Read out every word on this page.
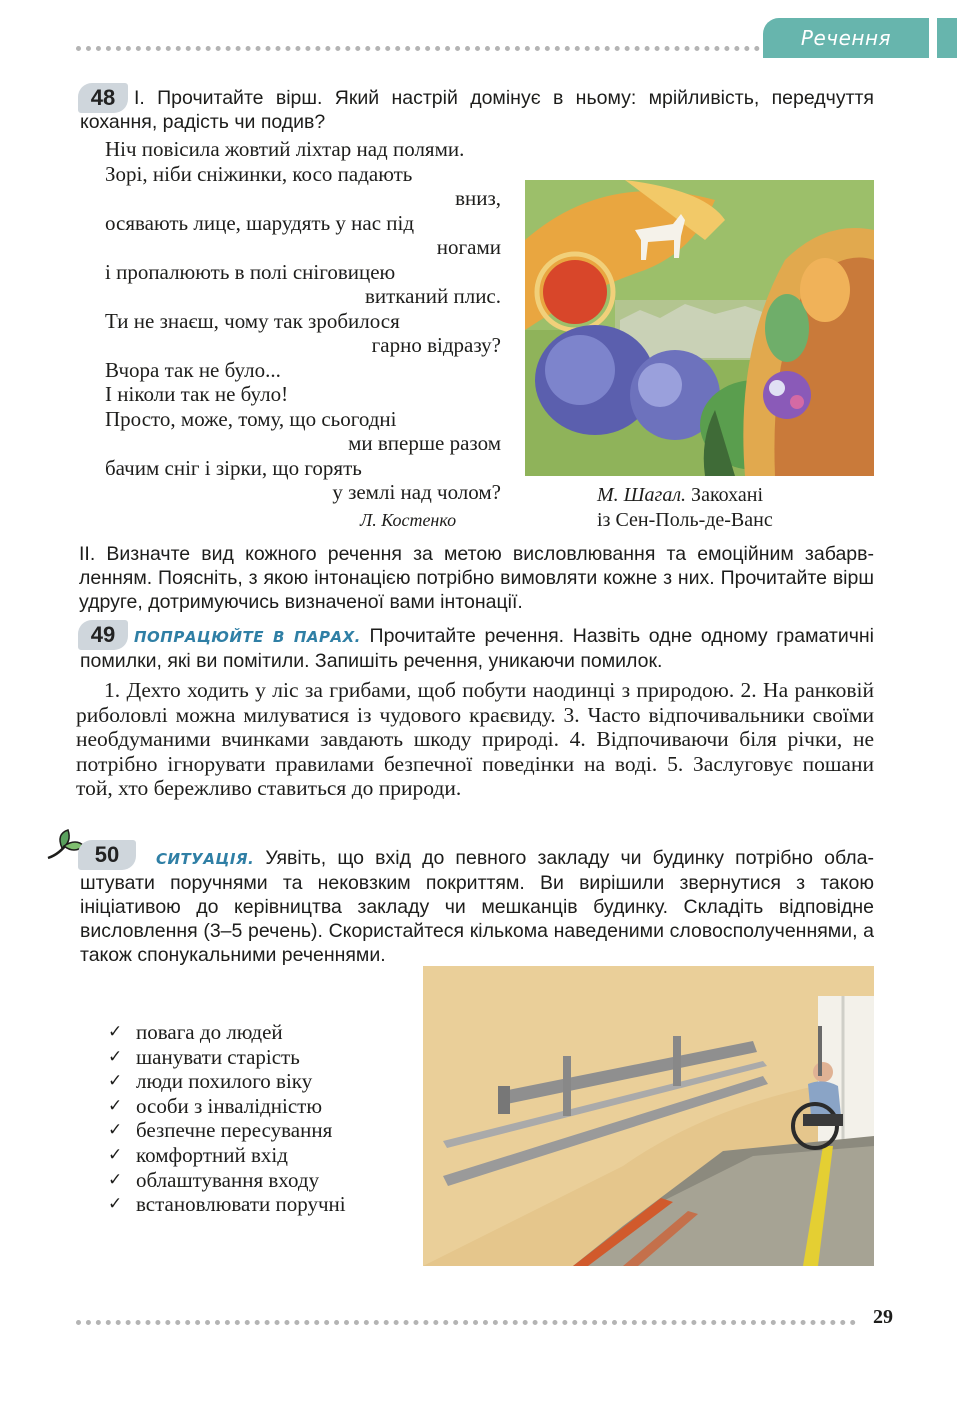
Речення
48 І. Прочитайте вірш. Який настрій домінує в ньому: мрійливість, передчуття кохання, радість чи подив?
Ніч повісила жовтий ліхтар над полями.
Зорі, ніби сніжинки, косо падають
вниз,
осявають лице, шарудять у нас під
ногами
і пропалюють в полі сніговицею
витканий плис.
Ти не знаєш, чому так зробилося
гарно відразу?
Вчора так не було...
І ніколи так не було!
Просто, може, тому, що сьогодні
ми вперше разом
бачим сніг і зірки, що горять
у землі над чолом?
Л. Костенко
М. Шагал. Закохані
із Сен-Поль-де-Ванс
ІІ. Визначте вид кожного речення за метою висловлювання та емоційним забарвленням. Поясніть, з якою інтонацією потрібно вимовляти кожне з них. Прочитайте вірш удруге, дотримуючись визначеної вами інтонації.
49	ПОПРАЦЮЙТЕ В ПАРАХ. Прочитайте речення. Назвіть одне одному граматичні помилки, які ви помітили. Запишіть речення, уникаючи помилок.
1. Дехто ходить у ліс за грибами, щоб побути наодинці з природою. 2. На ранковій риболовлі можна милуватися із чудового краєвиду. 3. Часто відпочивальники своїми необдуманими вчинками завдають шкоду природі. 4. Відпочиваючи біля річки, не потрібно ігнорувати правилами безпечної поведінки на воді. 5. Заслуговує пошани той, хто бережливо ставиться до природи.
50	СИТУАЦІЯ. Уявіть, що вхід до певного закладу чи будинку потрібно облаштувати поручнями та нековзким покриттям. Ви вирішили звернутися з такою ініціативою до керівництва закладу чи мешканців будинку. Складіть відповідне висловлення (3–5 речень). Скористайтеся кількома наведеними словосполученнями, а також спонукальними реченнями.
✓ повага до людей
✓ шанувати старість
✓ люди похилого віку
✓ особи з інвалідністю
✓ безпечне пересування
✓ комфортний вхід
✓ облаштування входу
✓ встановлювати поручні
29
